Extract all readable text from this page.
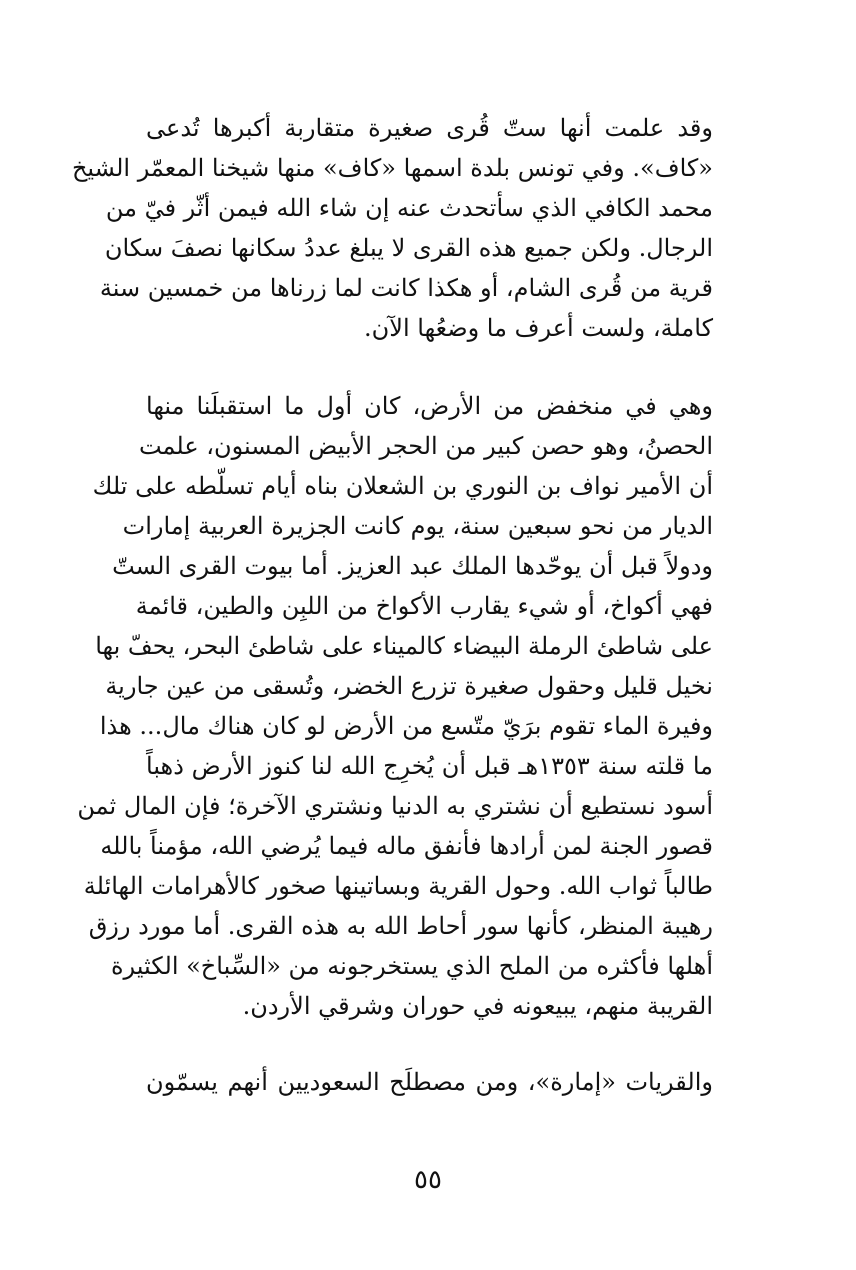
وقد علمت أنها ستّ قُرى صغيرة متقاربة أكبرها تُدعى
«كاف». وفي تونس بلدة اسمها «كاف» منها شيخنا المعمّر الشيخ
محمد الكافي الذي سأتحدث عنه إن شاء الله فيمن أثّر فيّ من
الرجال. ولكن جميع هذه القرى لا يبلغ عددُ سكانها نصفَ سكان
قرية من قُرى الشام، أو هكذا كانت لما زرناها من خمسين سنة
كاملة، ولست أعرف ما وضعُها الآن.
وهي في منخفض من الأرض، كان أول ما استقبلَنا منها
الحصنُ، وهو حصن كبير من الحجر الأبيض المسنون، علمت
أن الأمير نواف بن النوري بن الشعلان بناه أيام تسلّطه على تلك
الديار من نحو سبعين سنة، يوم كانت الجزيرة العربية إمارات
ودولاً قبل أن يوحّدها الملك عبد العزيز. أما بيوت القرى الستّ
فهي أكواخ، أو شيء يقارب الأكواخ من اللبِن والطين، قائمة
على شاطئ الرملة البيضاء كالميناء على شاطئ البحر، يحفّ بها
نخيل قليل وحقول صغيرة تزرع الخضر، وتُسقى من عين جارية
وفيرة الماء تقوم برَيّ متّسع من الأرض لو كان هناك مال... هذا
ما قلته سنة ١٣٥٣هـ قبل أن يُخرِج الله لنا كنوز الأرض ذهباً
أسود نستطيع أن نشتري به الدنيا ونشتري الآخرة؛ فإن المال ثمن
قصور الجنة لمن أرادها فأنفق ماله فيما يُرضي الله، مؤمناً بالله
طالباً ثواب الله. وحول القرية وبساتينها صخور كالأهرامات الهائلة
رهيبة المنظر، كأنها سور أحاط الله به هذه القرى. أما مورد رزق
أهلها فأكثره من الملح الذي يستخرجونه من «السِّباخ» الكثيرة
القريبة منهم، يبيعونه في حوران وشرقي الأردن.
والقريات «إمارة»، ومن مصطلَح السعوديين أنهم يسمّون
٥٥
